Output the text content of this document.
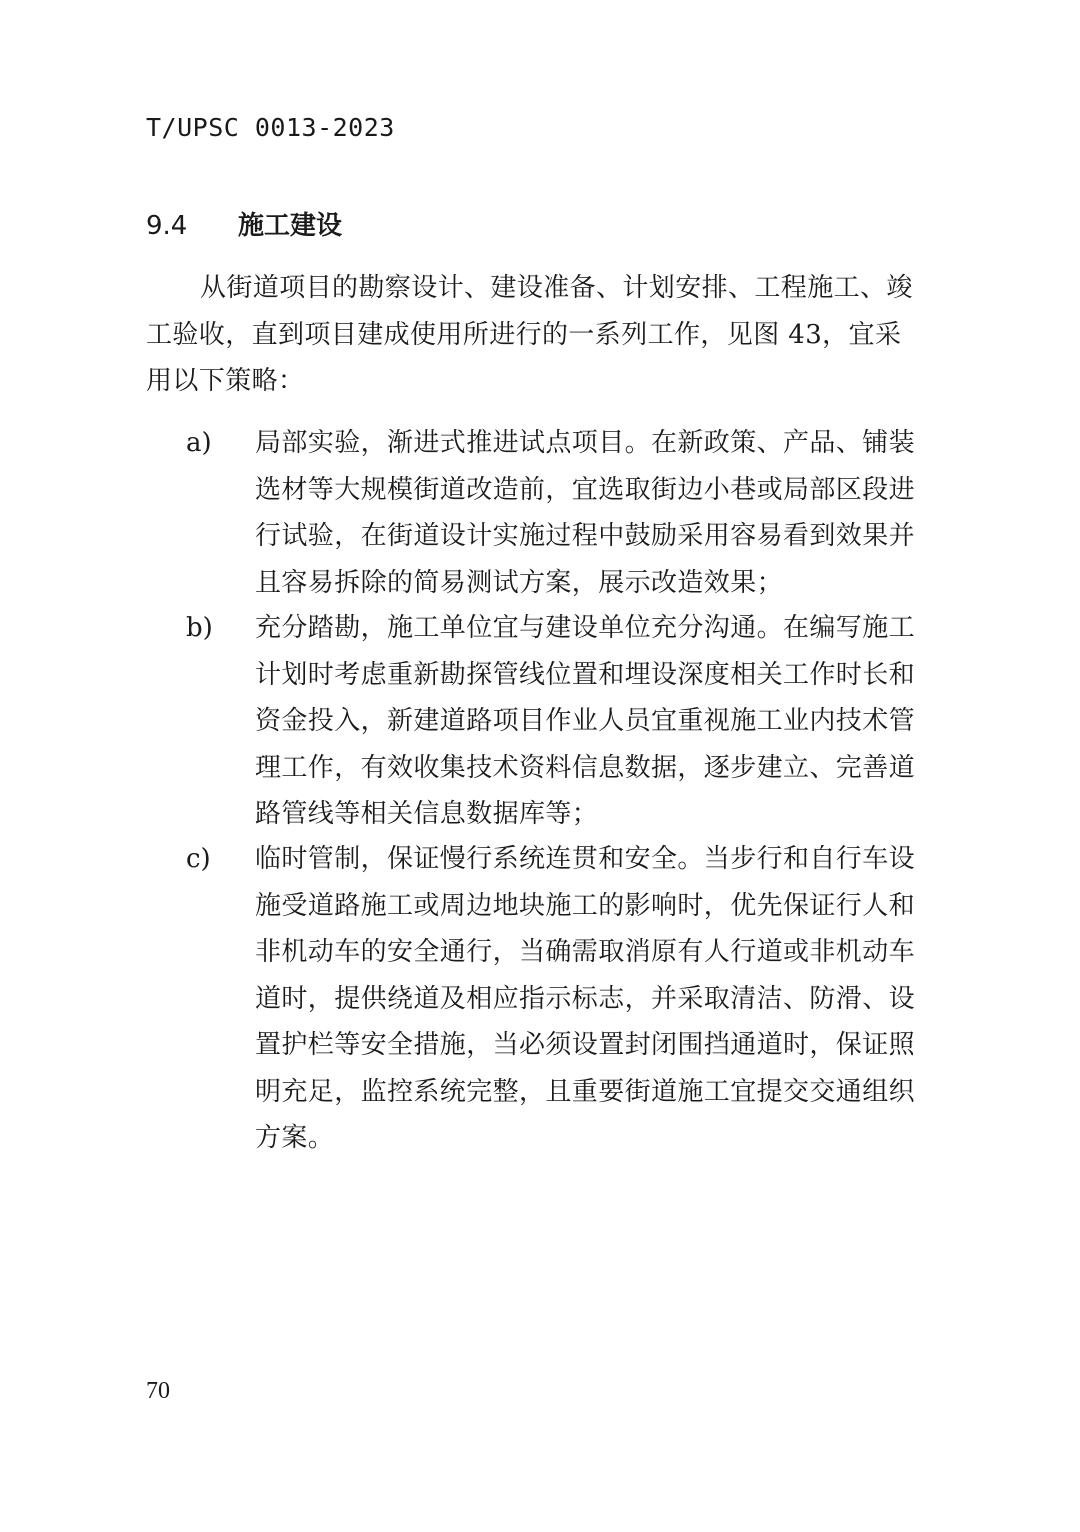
T/UPSC 0013-2023
9.4 施工建设
从街道项目的勘察设计、建设准备、计划安排、工程施工、竣
工验收，直到项目建成使用所进行的一系列工作，见图 43，宜采
用以下策略：
a) 局部实验，渐进式推进试点项目。在新政策、产品、铺装
选材等大规模街道改造前，宜选取街边小巷或局部区段进
行试验，在街道设计实施过程中鼓励采用容易看到效果并
且容易拆除的简易测试方案，展示改造效果；
b) 充分踏勘，施工单位宜与建设单位充分沟通。在编写施工
计划时考虑重新勘探管线位置和埋设深度相关工作时长和
资金投入，新建道路项目作业人员宜重视施工业内技术管
理工作，有效收集技术资料信息数据，逐步建立、完善道
路管线等相关信息数据库等；
c) 临时管制，保证慢行系统连贯和安全。当步行和自行车设
施受道路施工或周边地块施工的影响时，优先保证行人和
非机动车的安全通行，当确需取消原有人行道或非机动车
道时，提供绕道及相应指示标志，并采取清洁、防滑、设
置护栏等安全措施，当必须设置封闭围挡通道时，保证照
明充足，监控系统完整，且重要街道施工宜提交交通组织
方案。
70
